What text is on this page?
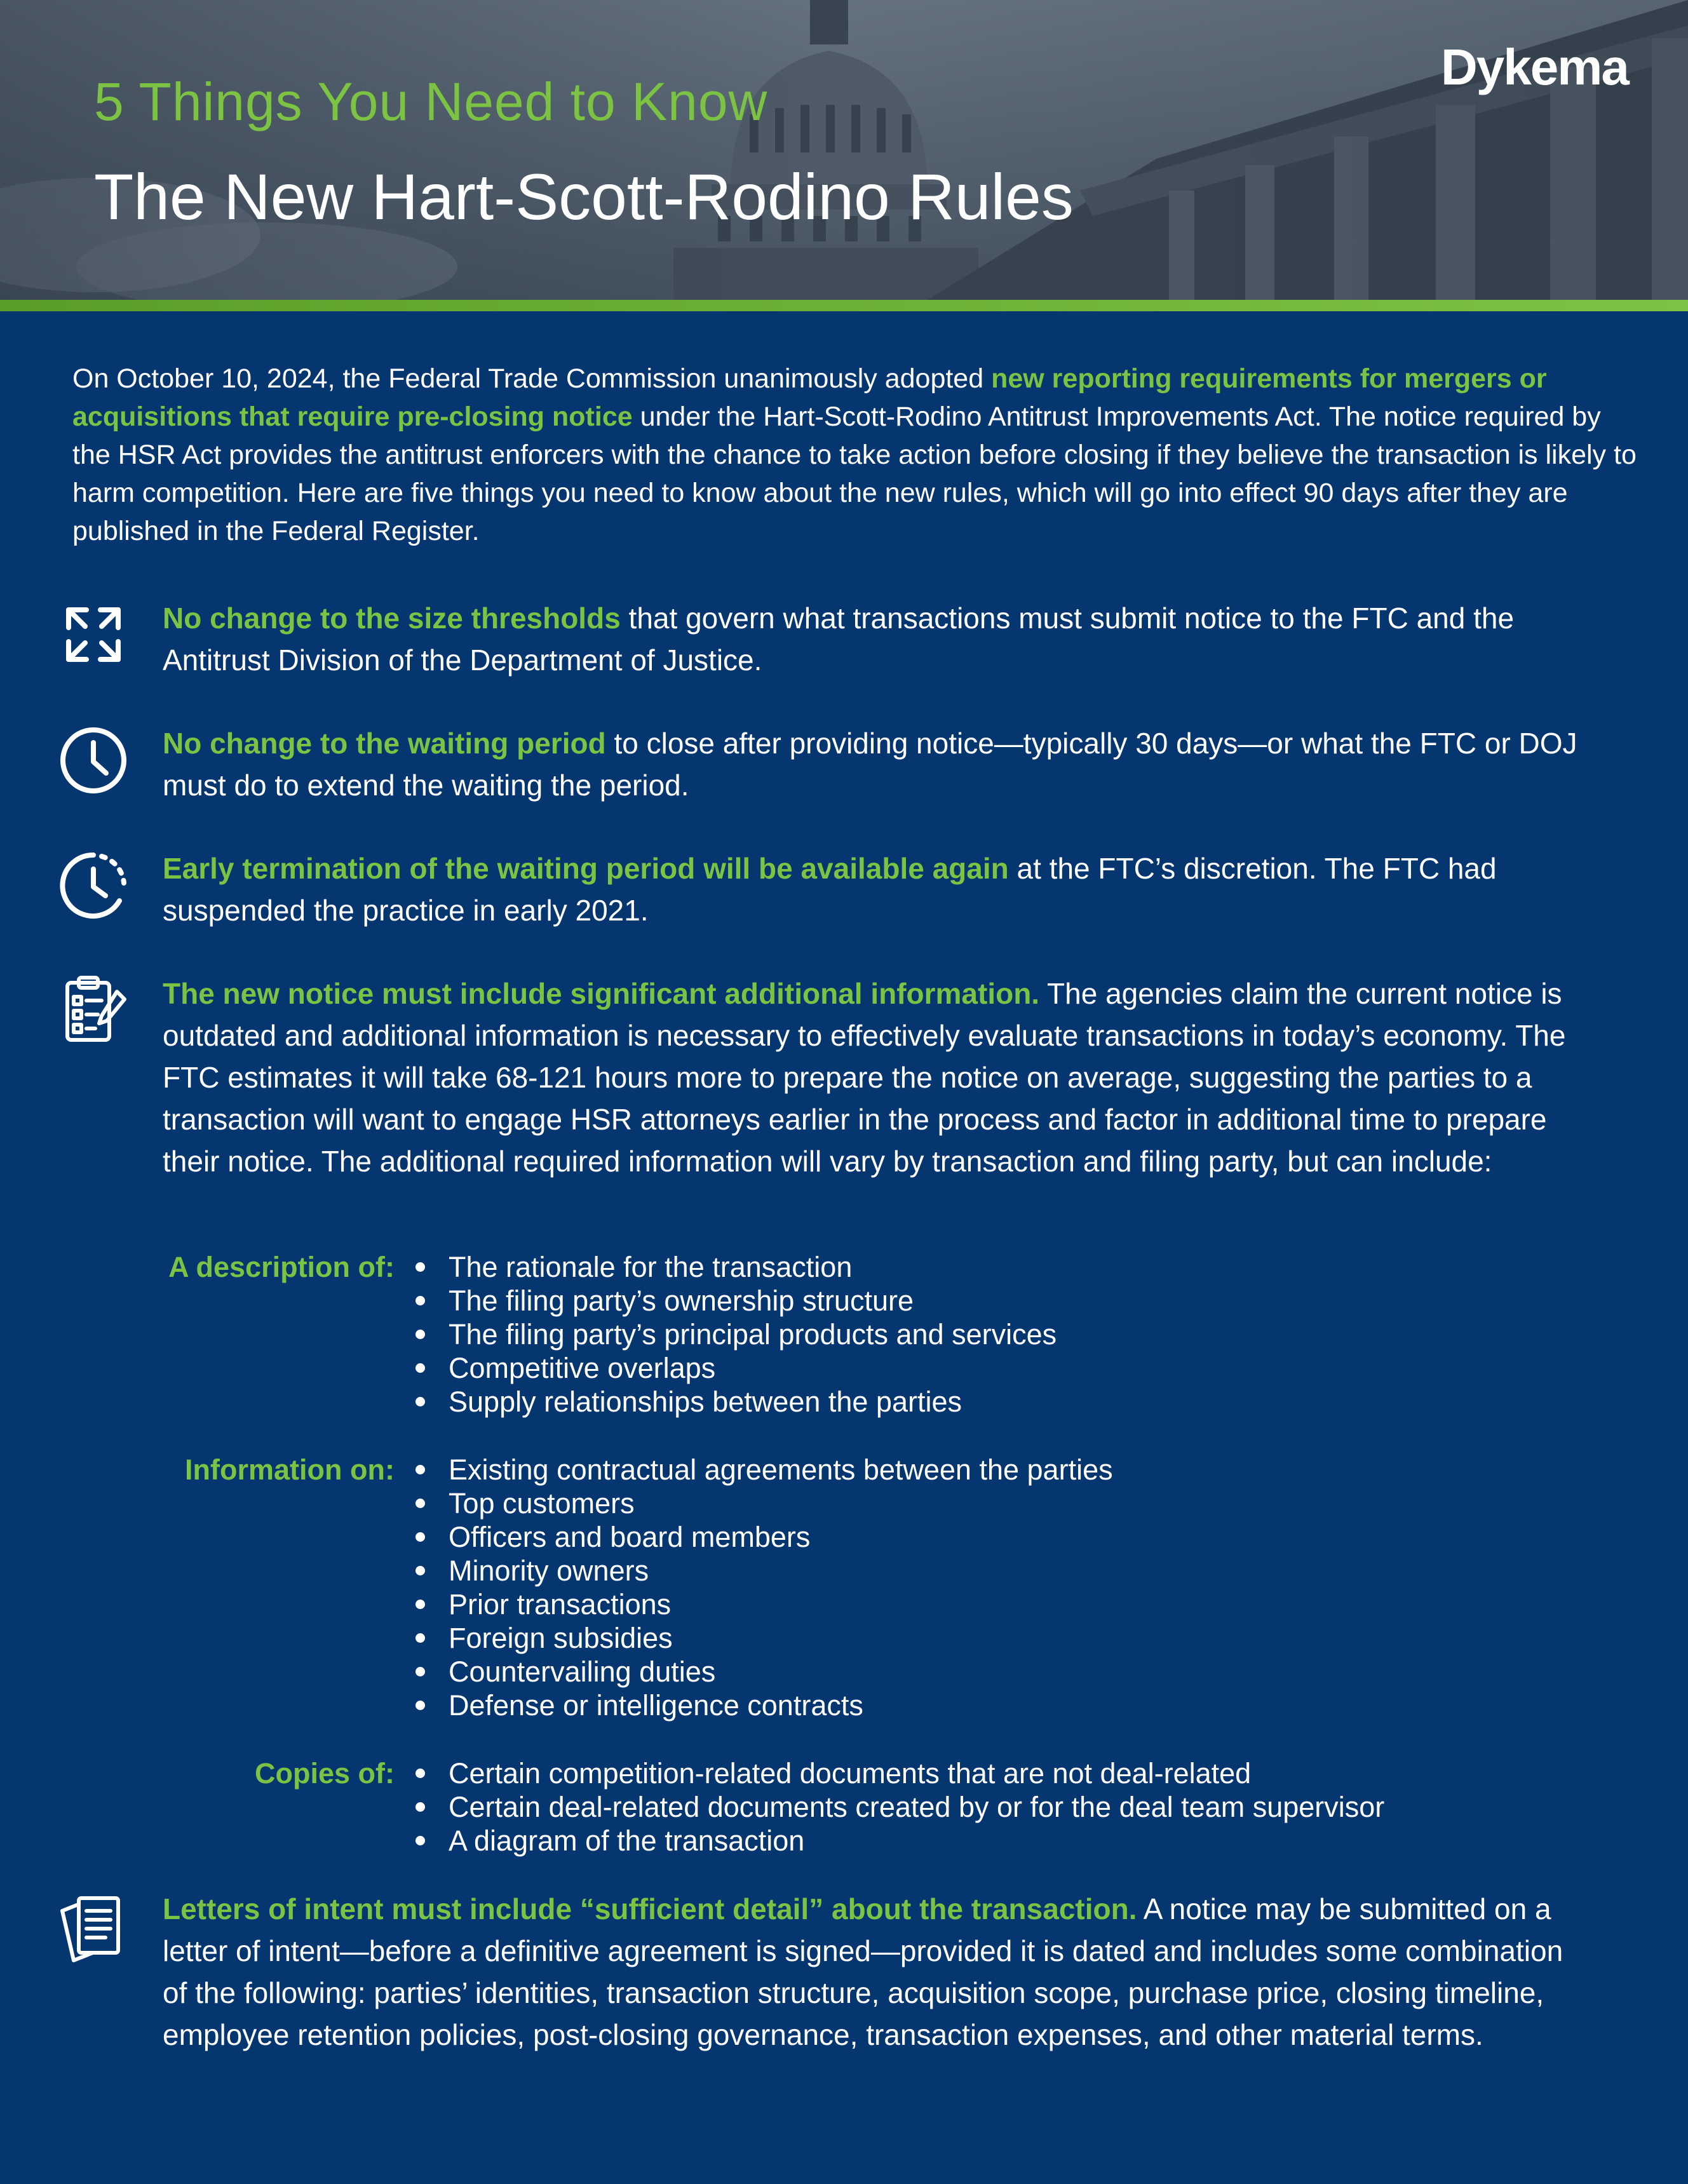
5 Things You Need to Know
The New Hart-Scott-Rodino Rules
Dykema
On October 10, 2024, the Federal Trade Commission unanimously adopted new reporting requirements for mergers or acquisitions that require pre-closing notice under the Hart-Scott-Rodino Antitrust Improvements Act. The notice required by the HSR Act provides the antitrust enforcers with the chance to take action before closing if they believe the transaction is likely to harm competition. Here are five things you need to know about the new rules, which will go into effect 90 days after they are published in the Federal Register.
No change to the size thresholds that govern what transactions must submit notice to the FTC and the Antitrust Division of the Department of Justice.
No change to the waiting period to close after providing notice—typically 30 days—or what the FTC or DOJ must do to extend the waiting the period.
Early termination of the waiting period will be available again at the FTC’s discretion. The FTC had suspended the practice in early 2021.
The new notice must include significant additional information. The agencies claim the current notice is outdated and additional information is necessary to effectively evaluate transactions in today’s economy. The FTC estimates it will take 68-121 hours more to prepare the notice on average, suggesting the parties to a transaction will want to engage HSR attorneys earlier in the process and factor in additional time to prepare their notice. The additional required information will vary by transaction and filing party, but can include:
A description of:	The rationale for the transaction
The filing party’s ownership structure
The filing party’s principal products and services
Competitive overlaps
Supply relationships between the parties
Information on:	Existing contractual agreements between the parties
Top customers
Officers and board members
Minority owners
Prior transactions
Foreign subsidies
Countervailing duties
Defense or intelligence contracts
Copies of:	Certain competition-related documents that are not deal-related
Certain deal-related documents created by or for the deal team supervisor
A diagram of the transaction
Letters of intent must include “sufficient detail” about the transaction. A notice may be submitted on a letter of intent—before a definitive agreement is signed—provided it is dated and includes some combination of the following: parties’ identities, transaction structure, acquisition scope, purchase price, closing timeline, employee retention policies, post-closing governance, transaction expenses, and other material terms.
